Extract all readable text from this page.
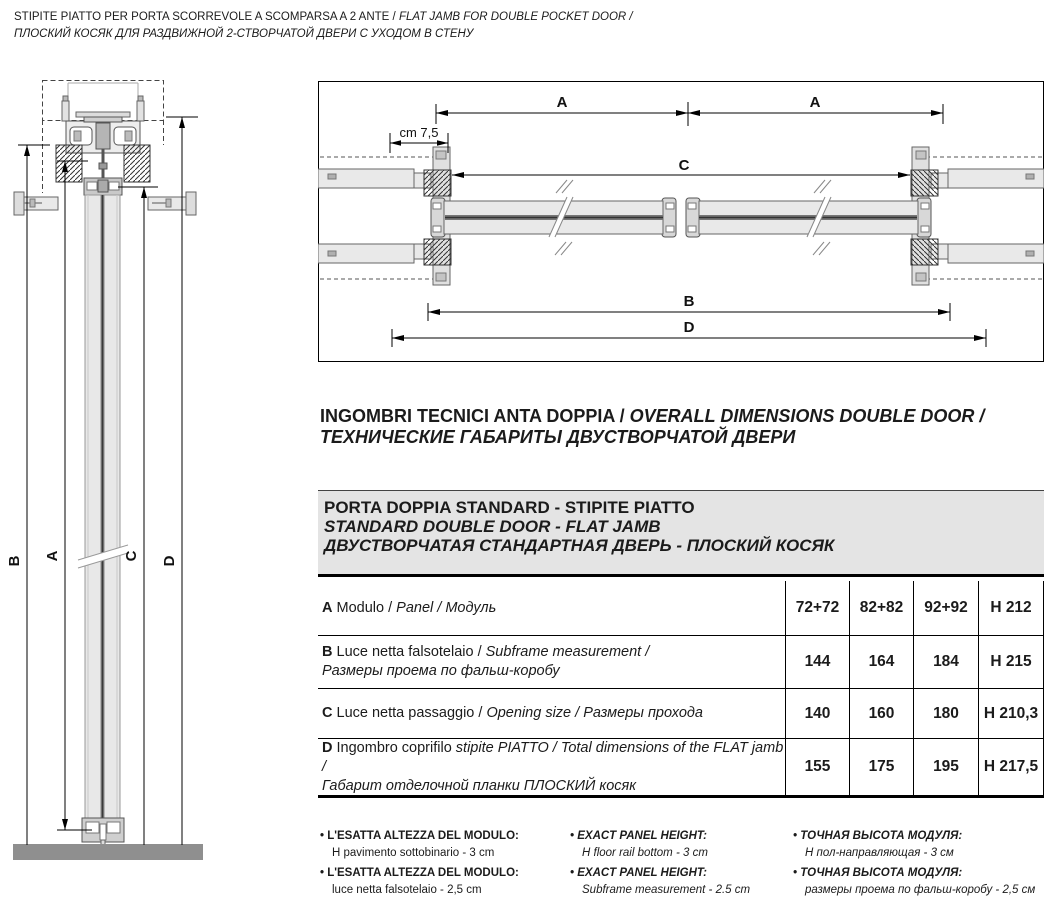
STIPITE PIATTO PER PORTA SCORREVOLE A SCOMPARSA A 2 ANTE / FLAT JAMB FOR DOUBLE POCKET DOOR /
ПЛОСКИЙ КОСЯК ДЛЯ РАЗДВИЖНОЙ 2-СТВОРЧАТОЙ ДВЕРИ С УХОДОМ В СТЕНУ
B A	C D
A	A
cm 7,5
C
B
D
INGOMBRI TECNICI ANTA DOPPIA / OVERALL DIMENSIONS DOUBLE DOOR /
ТЕХНИЧЕСКИЕ ГАБАРИТЫ ДВУСТВОРЧАТОЙ ДВЕРИ
PORTA DOPPIA STANDARD - STIPITE PIATTO
STANDARD DOUBLE DOOR - FLAT JAMB
ДВУСТВОРЧАТАЯ СТАНДАРТНАЯ ДВЕРЬ - ПЛОСКИЙ КОСЯК
A Modulo / Panel / Модуль	72+72	82+82	92+92	H 212
B Luce netta falsotelaio / Subframe measurement /
Размеры проема по фальш-коробу
144	164	184	H 215
C Luce netta passaggio / Opening size / Размеры прохода	140	160	180	H 210,3
D Ingombro coprifilo stipite PIATTO / Total dimensions of the FLAT jamb /
Габарит отделочной планки ПЛОСКИЙ косяк
155	175	195	H 217,5
• L'ESATTA ALTEZZA DEL MODULO:
H pavimento sottobinario - 3 cm
• L'ESATTA ALTEZZA DEL MODULO:
luce netta falsotelaio - 2,5 cm
• EXACT PANEL HEIGHT:
H floor rail bottom - 3 cm
• EXACT PANEL HEIGHT:
Subframe measurement - 2.5 cm
• ТОЧНАЯ ВЫСОТА МОДУЛЯ:
Н пол-направляющая - 3 см
• ТОЧНАЯ ВЫСОТА МОДУЛЯ:
размеры проема по фальш-коробу - 2,5 см
